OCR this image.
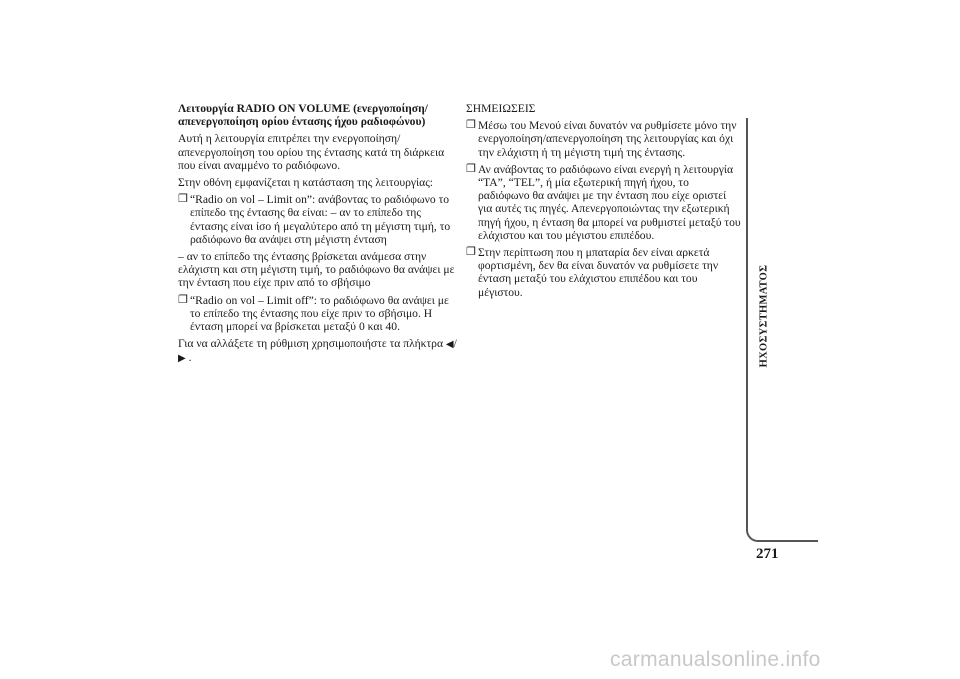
Λειτουργία RADIO ON VOLUME (ενεργοποίηση/απενεργοποίηση ορίου έντασης ήχου ραδιοφώνου)

Αυτή η λειτουργία επιτρέπει την ενεργοποίηση/απενεργοποίηση του ορίου της έντασης κατά τη διάρκεια που είναι αναμμένο το ραδιόφωνο.

Στην οθόνη εμφανίζεται η κατάσταση της λειτουργίας:

❐ “Radio on vol – Limit on”: ανάβοντας το ραδιόφωνο το επίπεδο της έντασης θα είναι: – αν το επίπεδο της έντασης είναι ίσο ή μεγαλύτερο από τη μέγιστη τιμή, το ραδιόφωνο θα ανάψει στη μέγιστη ένταση

– αν το επίπεδο της έντασης βρίσκεται ανάμεσα στην ελάχιστη και στη μέγιστη τιμή, το ραδιόφωνο θα ανάψει με την ένταση που είχε πριν από το σβήσιμο

❐ “Radio on vol – Limit off”: το ραδιόφωνο θα ανάψει με το επίπεδο της έντασης που είχε πριν το σβήσιμο. Η ένταση μπορεί να βρίσκεται μεταξύ 0 και 40.

Για να αλλάξετε τη ρύθμιση χρησιμοποιήστε τα πλήκτρα ◀/▶ .

ΣΗΜΕΙΩΣΕΙΣ

❐ Μέσω του Μενού είναι δυνατόν να ρυθμίσετε μόνο την ενεργοποίηση/απενεργοποίηση της λειτουργίας και όχι την ελάχιστη ή τη μέγιστη τιμή της έντασης.
❐ Αν ανάβοντας το ραδιόφωνο είναι ενεργή η λειτουργία “TA”, “TEL”, ή μία εξωτερική πηγή ήχου, το ραδιόφωνο θα ανάψει με την ένταση που είχε οριστεί για αυτές τις πηγές. Απενεργοποιώντας την εξωτερική πηγή ήχου, η ένταση θα μπορεί να ρυθμιστεί μεταξύ του ελάχιστου και του μέγιστου επιπέδου.
❐ Στην περίπτωση που η μπαταρία δεν είναι αρκετά φορτισμένη, δεν θα είναι δυνατόν να ρυθμίσετε την ένταση μεταξύ του ελάχιστου επιπέδου και του μέγιστου.	ΗΧΟΣΥΣΤΗΜΑΤΟΣ
271
carmanualsonline.info
